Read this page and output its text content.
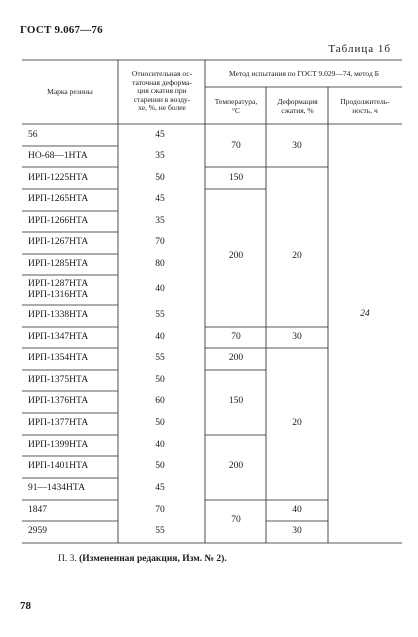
ГОСТ 9.067—76
Таблица 1б
Марка резины
Относительная ос-
таточная деформа-
ция сжатия при
старении в возду-
хе, %, не более
Метод испытания по ГОСТ 9.029—74, метод Б
Температура,
°С
Деформация
сжатия, %
Продолжитель-
ность, ч
56
НО-68—1НТА
ИРП-1225НТА
ИРП-1265НТА
ИРП-1266НТА
ИРП-1267НТА
ИРП-1285НТА
ИРП-1287НТА
ИРП-1316НТА
ИРП-1338НТА
ИРП-1347НТА
ИРП-1354НТА
ИРП-1375НТА
ИРП-1376НТА
ИРП-1377НТА
ИРП-1399НТА
ИРП-1401НТА
91—1434НТА
1847
2959
45
35
50
45
35
70
80
40
55
40
55
50
60
50
40
50
45
70
55
70
150
200
70
200
150
200
70
30
20
30
20
40
30
24
П. 3. (Измененная редакция, Изм. № 2).
78
